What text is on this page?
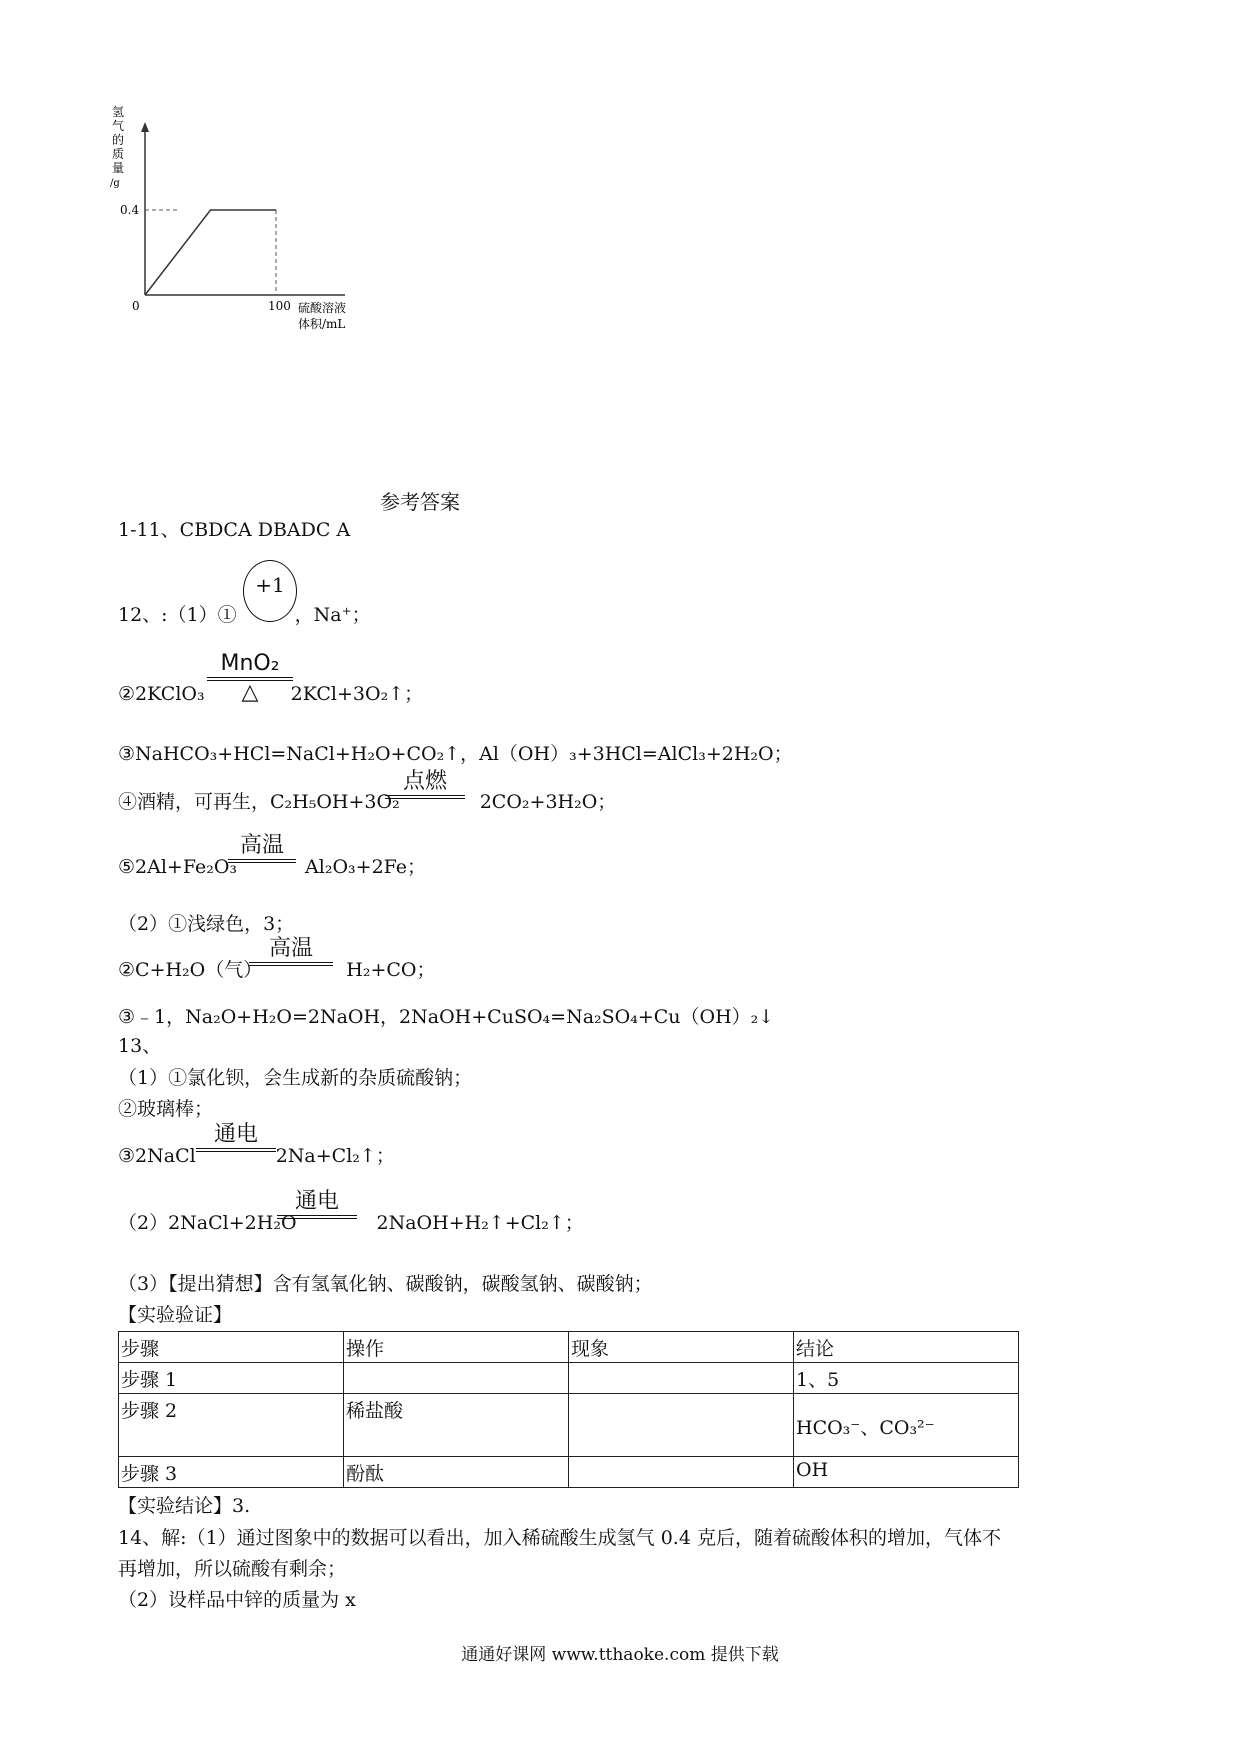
0.4
0	100 硫酸溶液
体积/mL
氢
气
的
质
量
/g
参考答案
1-11、CBDCA DBADC A
12、:（1）①	，Na⁺；
+1
②2KClO₃	2KCl+3O₂↑；
MnO₂
△
③NaHCO₃+HCl=NaCl+H₂O+CO₂↑，Al（OH）₃+3HCl=AlCl₃+2H₂O；
④酒精，可再生，C₂H₅OH+3O₂	2CO₂+3H₂O；
点燃
⑤2Al+Fe₂O₃	Al₂O₃+2Fe；
高温
（2）①浅绿色，3；
②C+H₂O（气）	H₂+CO；
高温
③﹣1，Na₂O+H₂O=2NaOH，2NaOH+CuSO₄=Na₂SO₄+Cu（OH）₂↓
13、
（1）①氯化钡，会生成新的杂质硫酸钠；
②玻璃棒；
③2NaCl	2Na+Cl₂↑；
通电
（2）2NaCl+2H₂O	2NaOH+H₂↑+Cl₂↑；
通电
（3）【提出猜想】含有氢氧化钠、碳酸钠，碳酸氢钠、碳酸钠；
【实验验证】
步骤	操作	现象	结论
步骤 1			1、5
步骤 2	稀盐酸		HCO₃⁻、CO₃²⁻
步骤 3	酚酞		OH
【实验结论】3.
14、解:（1）通过图象中的数据可以看出，加入稀硫酸生成氢气 0.4 克后，随着硫酸体积的增加，气体不
再增加，所以硫酸有剩余；
（2）设样品中锌的质量为 x
通通好课网 www.tthaoke.com 提供下载
